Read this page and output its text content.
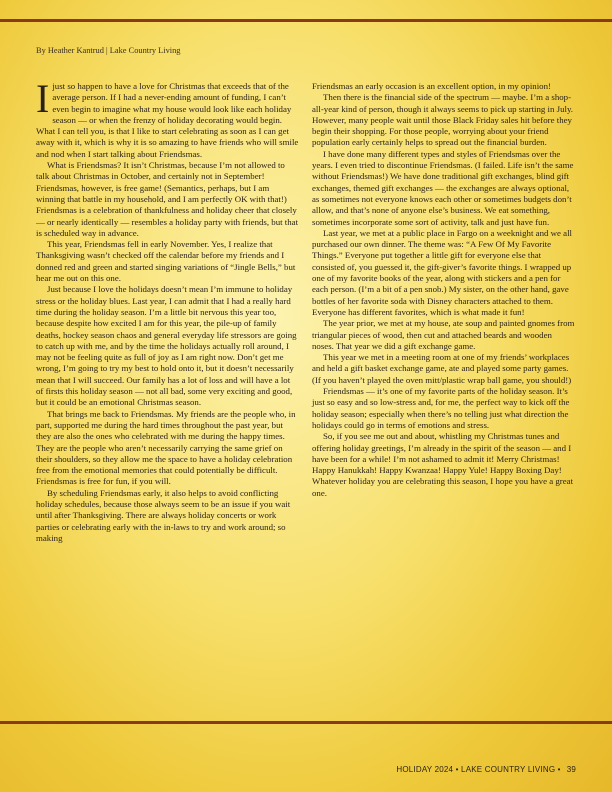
By Heather Kantrud | Lake Country Living

Ijust so happen to have a love for Christmas that exceeds that of the average person. If I had a never-ending amount of funding, I can’t even begin to imagine what my house would look like each holiday season — or when the frenzy of holiday decorating would begin. What I can tell you, is that I like to start celebrating as soon as I can get away with it, which is why it is so amazing to have friends who will smile and nod when I start talking about Friendsmas.

What is Friendsmas? It isn’t Christmas, because I’m not allowed to talk about Christmas in October, and certainly not in September! Friendsmas, however, is free game! (Semantics, perhaps, but I am winning that battle in my household, and I am perfectly OK with that!) Friendsmas is a celebration of thankfulness and holiday cheer that closely — or nearly identically — resembles a holiday party with friends, but that is scheduled way in advance.

This year, Friendsmas fell in early November. Yes, I realize that Thanksgiving wasn’t checked off the calendar before my friends and I donned red and green and started singing variations of “Jingle Bells,” but hear me out on this one.

Just because I love the holidays doesn’t mean I’m immune to holiday stress or the holiday blues. Last year, I can admit that I had a really hard time during the holiday season. I’m a little bit nervous this year too, because despite how excited I am for this year, the pile-up of family deaths, hockey season chaos and general everyday life stressors are going to catch up with me, and by the time the holidays actually roll around, I may not be feeling quite as full of joy as I am right now. Don’t get me wrong, I’m going to try my best to hold onto it, but it doesn’t necessarily mean that I will succeed. Our family has a lot of loss and will have a lot of firsts this holiday season — not all bad, some very exciting and good, but it could be an emotional Christmas season.

That brings me back to Friendsmas. My friends are the people who, in part, supported me during the hard times throughout the past year, but they are also the ones who celebrated with me during the happy times. They are the people who aren’t necessarily carrying the same grief on their shoulders, so they allow me the space to have a holiday celebration free from the emotional memories that could potentially be difficult. Friendsmas is free for fun, if you will.

By scheduling Friendsmas early, it also helps to avoid conflicting holiday schedules, because those always seem to be an issue if you wait until after Thanksgiving. There are always holiday concerts or work parties or celebrating early with the in-laws to try and work around; so making

Friendsmas an early occasion is an excellent option, in my opinion!

Then there is the financial side of the spectrum — maybe. I’m a shop-all-year kind of person, though it always seems to pick up starting in July. However, many people wait until those Black Friday sales hit before they begin their shopping. For those people, worrying about your friend population early certainly helps to spread out the financial burden.

I have done many different types and styles of Friendsmas over the years. I even tried to discontinue Friendsmas. (I failed. Life isn’t the same without Friendsmas!) We have done traditional gift exchanges, blind gift exchanges, themed gift exchanges — the exchanges are always optional, as sometimes not everyone knows each other or sometimes budgets don’t allow, and that’s none of anyone else’s business. We eat something, sometimes incorporate some sort of activity, talk and just have fun.

Last year, we met at a public place in Fargo on a weeknight and we all purchased our own dinner. The theme was: “A Few Of My Favorite Things.” Everyone put together a little gift for everyone else that consisted of, you guessed it, the gift-giver’s favorite things. I wrapped up one of my favorite books of the year, along with stickers and a pen for each person. (I’m a bit of a pen snob.) My sister, on the other hand, gave bottles of her favorite soda with Disney characters attached to them. Everyone has different favorites, which is what made it fun!

The year prior, we met at my house, ate soup and painted gnomes from triangular pieces of wood, then cut and attached beards and wooden noses. That year we did a gift exchange game.

This year we met in a meeting room at one of my friends’ workplaces and held a gift basket exchange game, ate and played some party games. (If you haven’t played the oven mitt/plastic wrap ball game, you should!)

Friendsmas — it’s one of my favorite parts of the holiday season. It’s just so easy and so low-stress and, for me, the perfect way to kick off the holiday season; especially when there’s no telling just what direction the holidays could go in terms of emotions and stress.

So, if you see me out and about, whistling my Christmas tunes and offering holiday greetings, I’m already in the spirit of the season — and I have been for a while! I’m not ashamed to admit it! Merry Christmas! Happy Hanukkah! Happy Kwanzaa! Happy Yule! Happy Boxing Day! Whatever holiday you are celebrating this season, I hope you have a great one.

HOLIDAY 2024 • LAKE COUNTRY LIVING • 39
